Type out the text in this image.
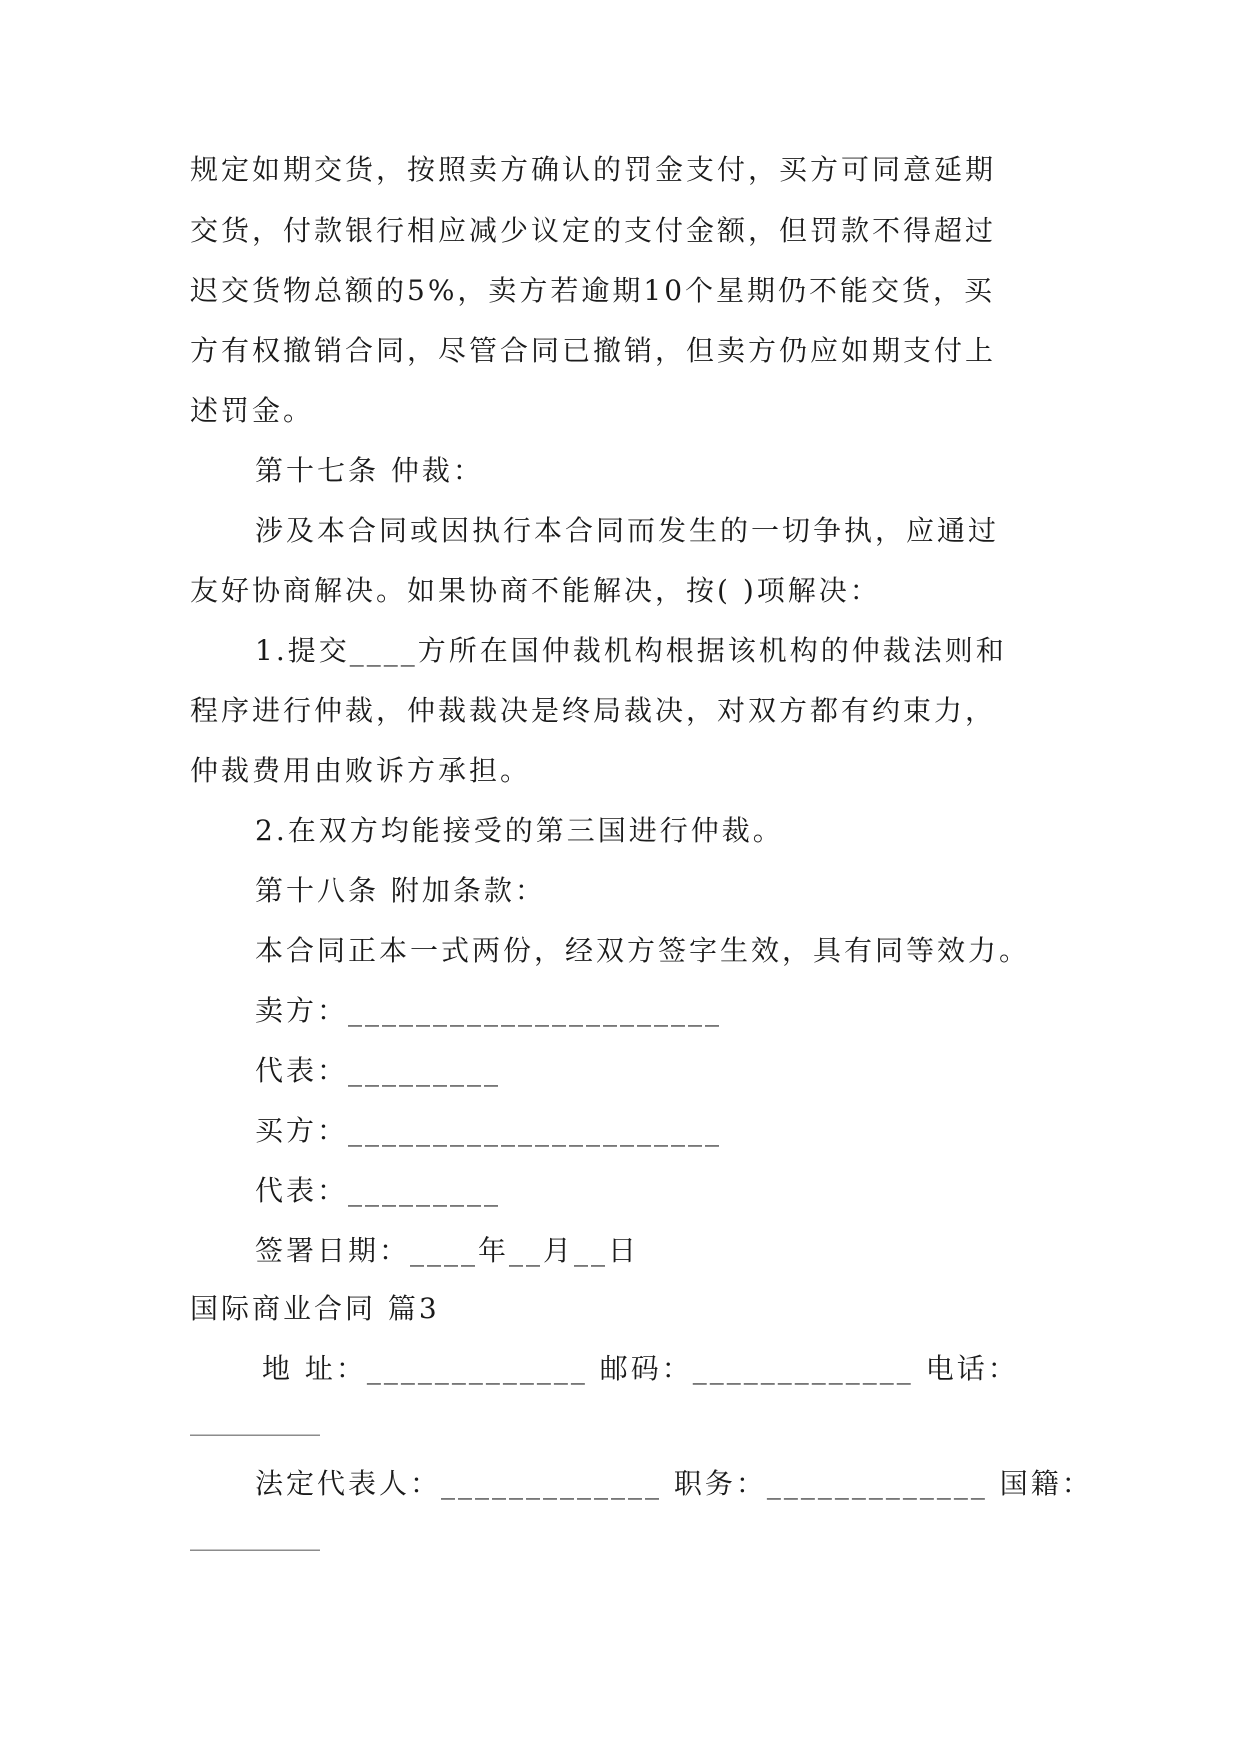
规定如期交货，按照卖方确认的罚金支付，买方可同意延期
交货，付款银行相应减少议定的支付金额，但罚款不得超过
迟交货物总额的5%，卖方若逾期10个星期仍不能交货，买
方有权撤销合同，尽管合同已撤销，但卖方仍应如期支付上
述罚金。
第十七条 仲裁：
涉及本合同或因执行本合同而发生的一切争执，应通过
友好协商解决。如果协商不能解决，按( )项解决：
1.提交____方所在国仲裁机构根据该机构的仲裁法则和
程序进行仲裁，仲裁裁决是终局裁决，对双方都有约束力，
仲裁费用由败诉方承担。
2.在双方均能接受的第三国进行仲裁。
第十八条 附加条款：
本合同正本一式两份，经双方签字生效，具有同等效力。
卖方：______________________
代表：_________
买方：______________________
代表：_________
签署日期：____年__月__日
国际商业合同 篇3
地 址：_____________ 邮码：_____________ 电话：
_____________
法定代表人：_____________ 职务：_____________ 国籍：
_____________
